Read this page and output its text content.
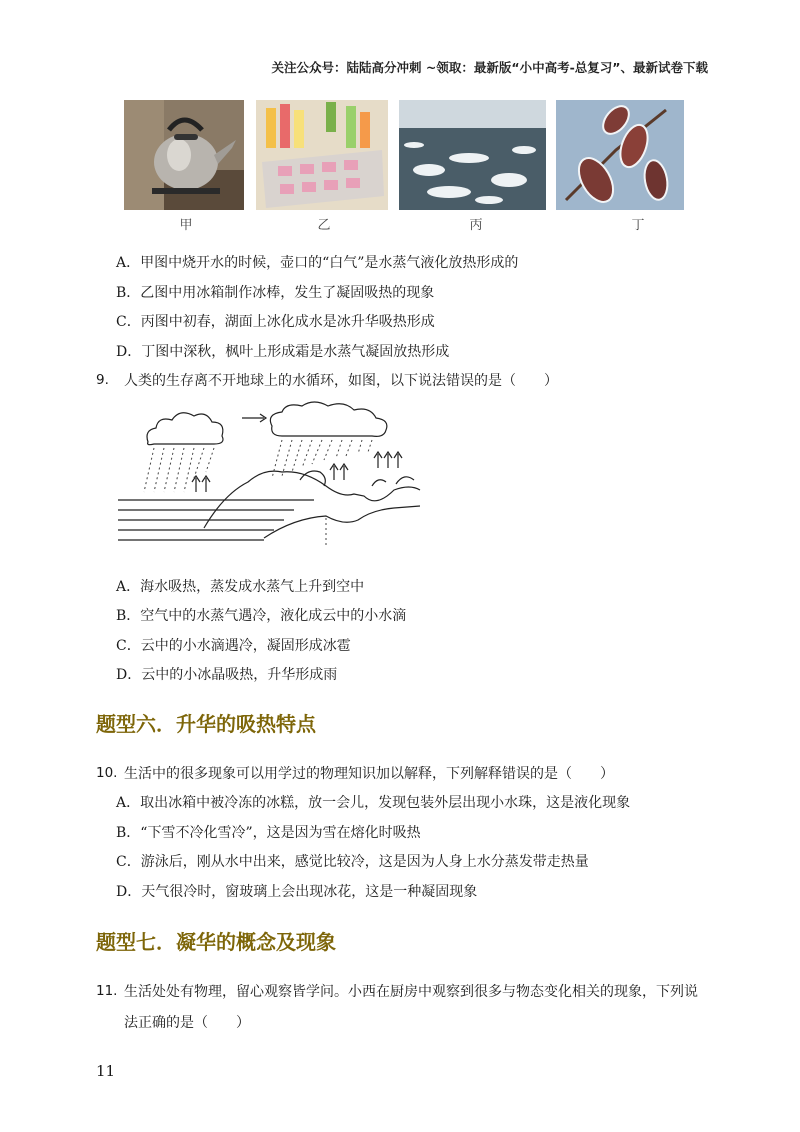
关注公众号：陆陆高分冲刺 ~领取：最新版“小中高考-总复习”、最新试卷下载
甲	乙	丙	丁
A．甲图中烧开水的时候，壶口的“白气”是水蒸气液化放热形成的
B．乙图中用冰箱制作冰棒，发生了凝固吸热的现象
C．丙图中初春，湖面上冰化成水是冰升华吸热形成
D．丁图中深秋，枫叶上形成霜是水蒸气凝固放热形成
9. 人类的生存离不开地球上的水循环，如图，以下说法错误的是（　　）
A．海水吸热，蒸发成水蒸气上升到空中
B．空气中的水蒸气遇冷，液化成云中的小水滴
C．云中的小水滴遇冷，凝固形成冰雹
D．云中的小冰晶吸热，升华形成雨
题型六．升华的吸热特点
10. 生活中的很多现象可以用学过的物理知识加以解释，下列解释错误的是（　　）
A．取出冰箱中被冷冻的冰糕，放一会儿，发现包装外层出现小水珠，这是液化现象
B．“下雪不冷化雪冷”，这是因为雪在熔化时吸热
C．游泳后，刚从水中出来，感觉比较冷，这是因为人身上水分蒸发带走热量
D．天气很冷时，窗玻璃上会出现冰花，这是一种凝固现象
题型七．凝华的概念及现象
11. 生活处处有物理，留心观察皆学问。小西在厨房中观察到很多与物态变化相关的现象，下列说
法正确的是（　　）
11
